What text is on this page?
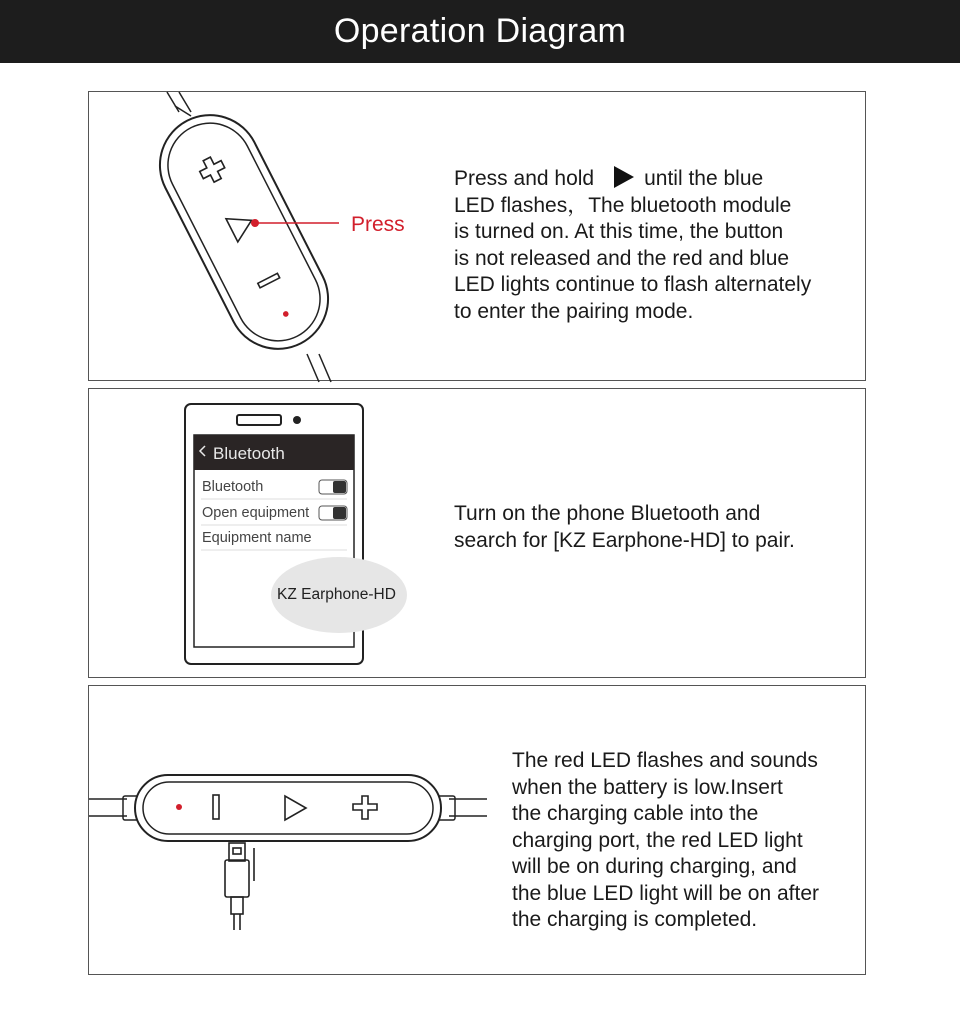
Operation Diagram
Press
Press and hold until the blue
LED flashes，The bluetooth module
is turned on. At this time, the button
is not released and the red and blue
LED lights continue to flash alternately
to enter the pairing mode.
Bluetooth
Bluetooth
Open equipment
Equipment name
KZ Earphone-HD
Turn on the phone Bluetooth and
search for [KZ Earphone-HD] to pair.
The red LED flashes and sounds
when the battery is low.Insert
the charging cable into the
charging port, the red LED light
will be on during charging, and
the blue LED light will be on after
the charging is completed.
